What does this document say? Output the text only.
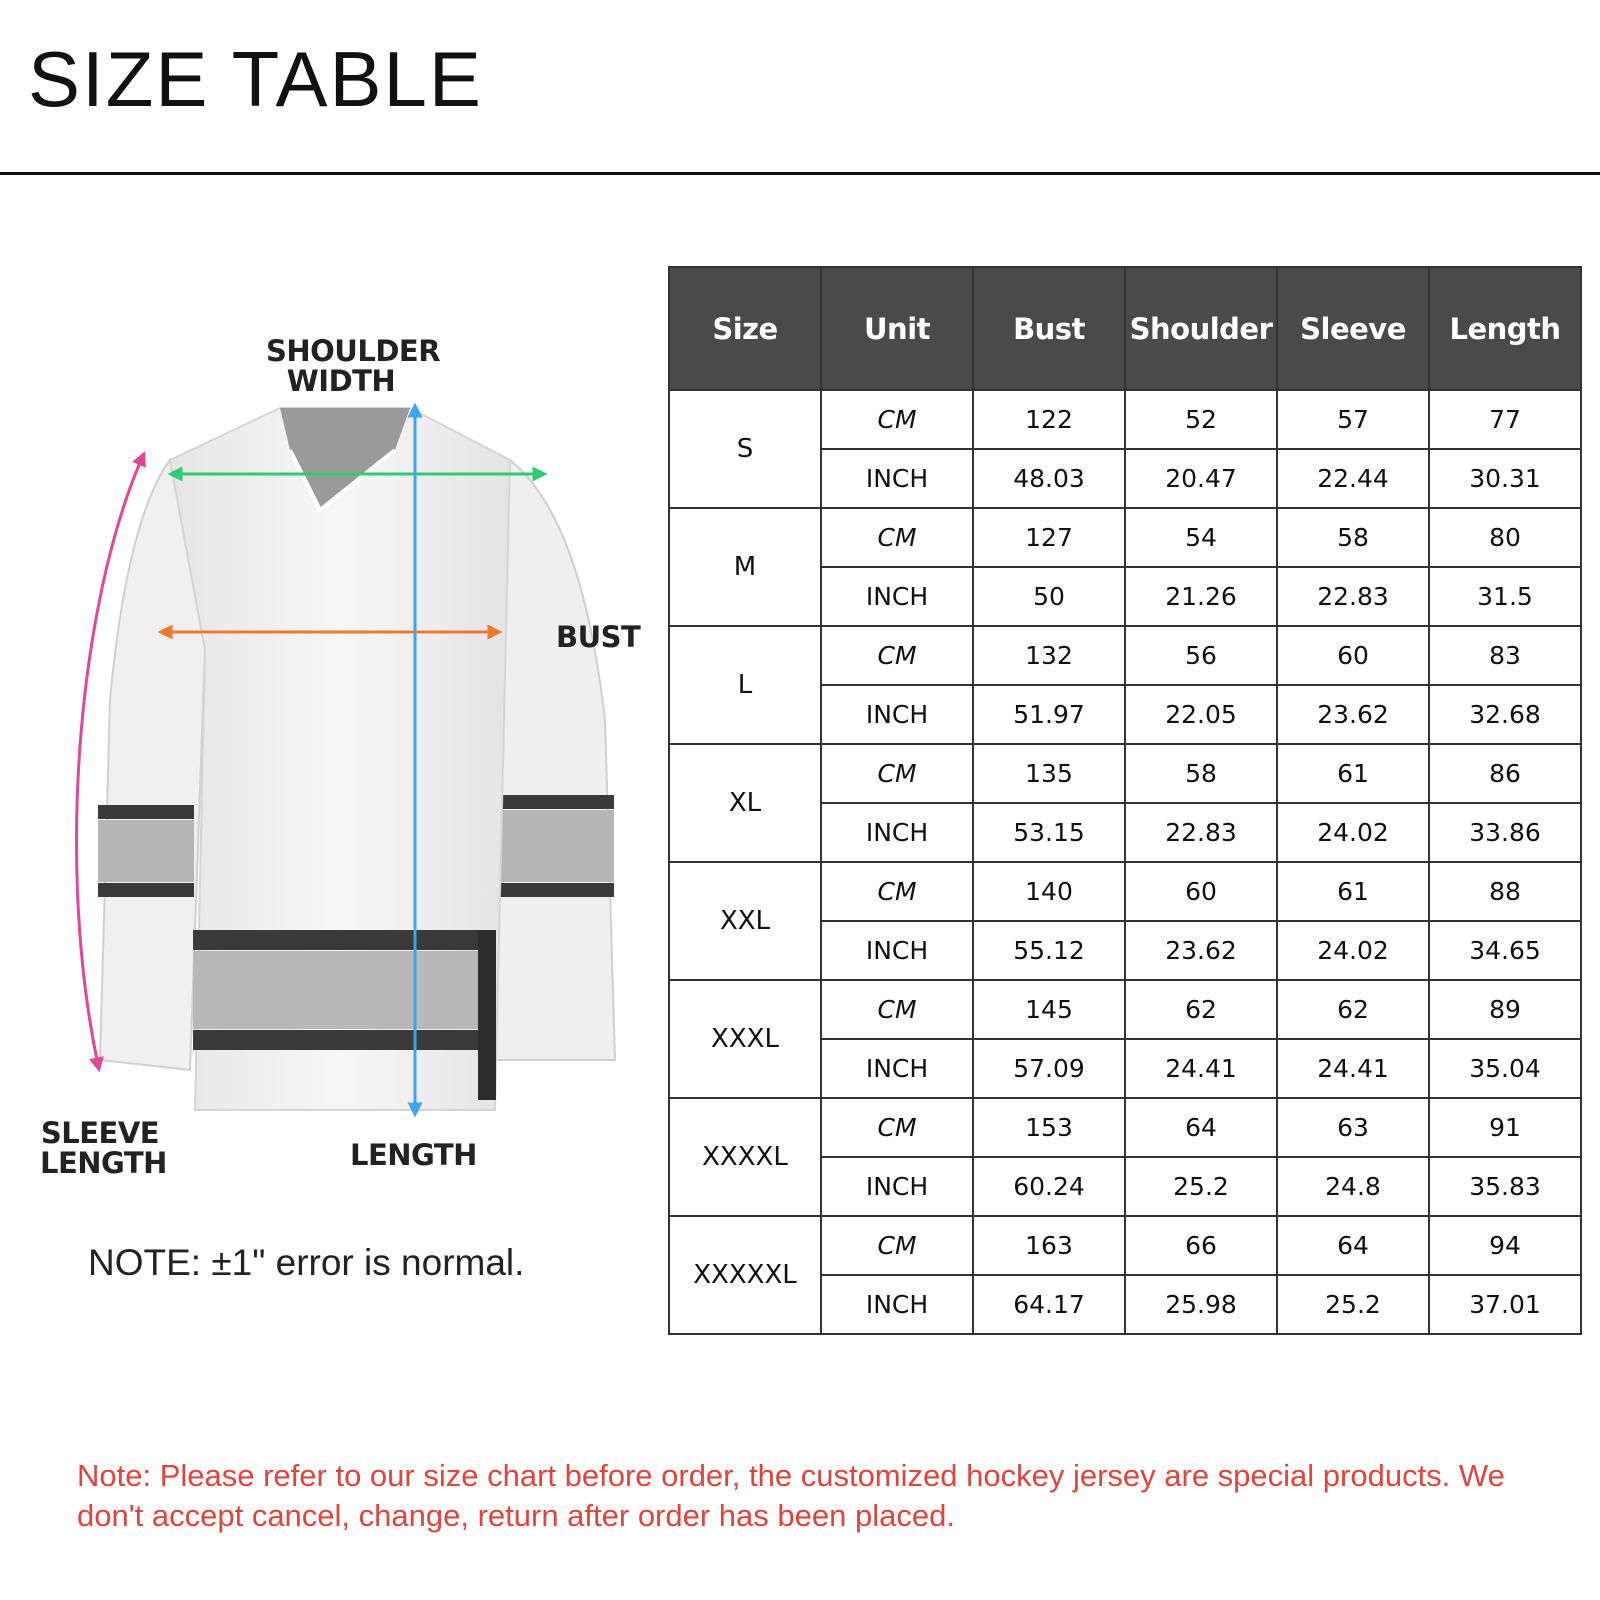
SIZE TABLE
SHOULDER
WIDTH
BUST
SLEEVE
LENGTH	LENGTH
NOTE: ±1" error is normal.
Size	Unit	Bust	Shoulder	Sleeve	Length
S	CM	122	52	57	77
	INCH	48.03	20.47	22.44	30.31
M	CM	127	54	58	80
	INCH	50	21.26	22.83	31.5
L	CM	132	56	60	83
	INCH	51.97	22.05	23.62	32.68
XL	CM	135	58	61	86
	INCH	53.15	22.83	24.02	33.86
XXL	CM	140	60	61	88
	INCH	55.12	23.62	24.02	34.65
XXXL	CM	145	62	62	89
	INCH	57.09	24.41	24.41	35.04
XXXXL	CM	153	64	63	91
	INCH	60.24	25.2	24.8	35.83
XXXXXL	CM	163	66	64	94
	INCH	64.17	25.98	25.2	37.01
Note: Please refer to our size chart before order, the customized hockey jersey are special products. We don't accept cancel, change, return after order has been placed.
